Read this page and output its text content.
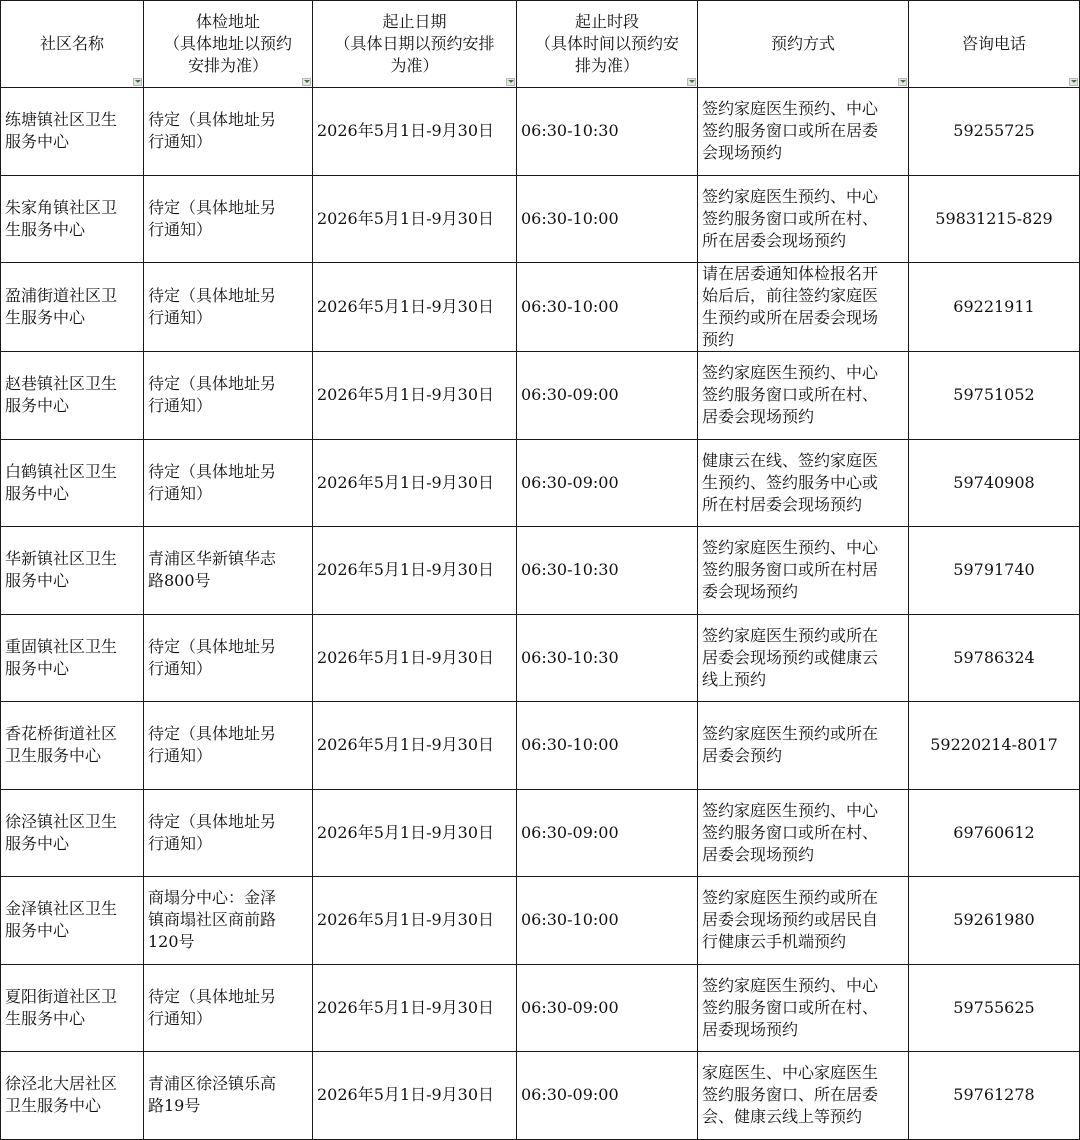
社区名称	体检地址
（具体地址以预约
安排为准）	起止日期
（具体日期以预约安排
为准）	起止时段
（具体时间以预约安
排为准）	预约方式	咨询电话

练塘镇社区卫生
服务中心	待定（具体地址另
行通知）	2026年5月1日-9月30日	06:30-10:30	签约家庭医生预约、中心
签约服务窗口或所在居委
会现场预约	59255725

朱家角镇社区卫
生服务中心	待定（具体地址另
行通知）	2026年5月1日-9月30日	06:30-10:00	签约家庭医生预约、中心
签约服务窗口或所在村、
所在居委会现场预约	59831215-829

盈浦街道社区卫
生服务中心	待定（具体地址另
行通知）	2026年5月1日-9月30日	06:30-10:00	请在居委通知体检报名开
始后后，前往签约家庭医
生预约或所在居委会现场
预约	69221911

赵巷镇社区卫生
服务中心	待定（具体地址另
行通知）	2026年5月1日-9月30日	06:30-09:00	签约家庭医生预约、中心
签约服务窗口或所在村、
居委会现场预约	59751052

白鹤镇社区卫生
服务中心	待定（具体地址另
行通知）	2026年5月1日-9月30日	06:30-09:00	健康云在线、签约家庭医
生预约、签约服务中心或
所在村居委会现场预约	59740908

华新镇社区卫生
服务中心	青浦区华新镇华志
路800号	2026年5月1日-9月30日	06:30-10:30	签约家庭医生预约、中心
签约服务窗口或所在村居
委会现场预约	59791740

重固镇社区卫生
服务中心	待定（具体地址另
行通知）	2026年5月1日-9月30日	06:30-10:30	签约家庭医生预约或所在
居委会现场预约或健康云
线上预约	59786324

香花桥街道社区
卫生服务中心	待定（具体地址另
行通知）	2026年5月1日-9月30日	06:30-10:00	签约家庭医生预约或所在
居委会预约	59220214-8017

徐泾镇社区卫生
服务中心	待定（具体地址另
行通知）	2026年5月1日-9月30日	06:30-09:00	签约家庭医生预约、中心
签约服务窗口或所在村、
居委会现场预约	69760612

金泽镇社区卫生
服务中心	商塌分中心：金泽
镇商塌社区商前路
120号	2026年5月1日-9月30日	06:30-10:00	签约家庭医生预约或所在
居委会现场预约或居民自
行健康云手机端预约	59261980

夏阳街道社区卫
生服务中心	待定（具体地址另
行通知）	2026年5月1日-9月30日	06:30-09:00	签约家庭医生预约、中心
签约服务窗口或所在村、
居委现场预约	59755625

徐泾北大居社区
卫生服务中心	青浦区徐泾镇乐高
路19号	2026年5月1日-9月30日	06:30-09:00	家庭医生、中心家庭医生
签约服务窗口、所在居委
会、健康云线上等预约	59761278
